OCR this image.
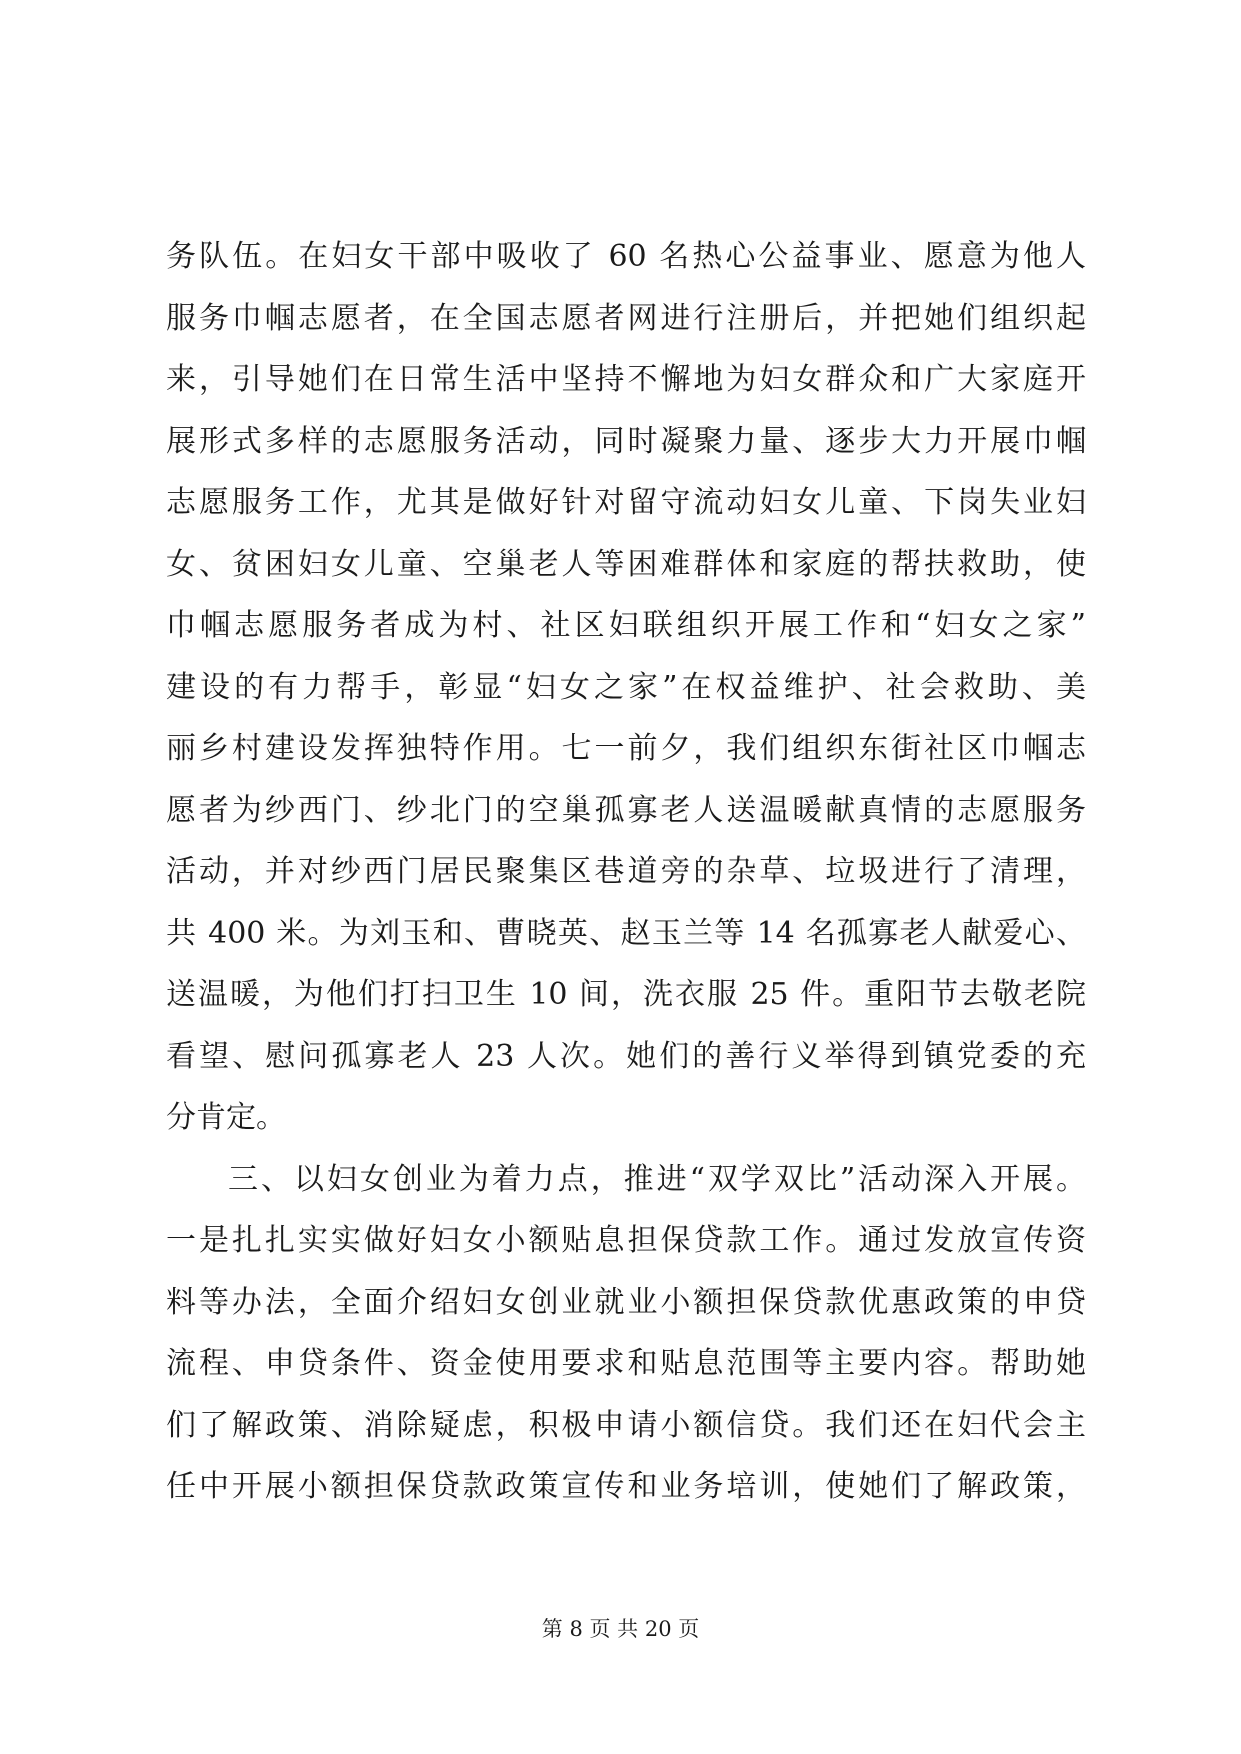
务队伍。在妇女干部中吸收了 60 名热心公益事业、愿意为他人
服务巾帼志愿者，在全国志愿者网进行注册后，并把她们组织起
来，引导她们在日常生活中坚持不懈地为妇女群众和广大家庭开
展形式多样的志愿服务活动，同时凝聚力量、逐步大力开展巾帼
志愿服务工作，尤其是做好针对留守流动妇女儿童、下岗失业妇
女、贫困妇女儿童、空巢老人等困难群体和家庭的帮扶救助，使
巾帼志愿服务者成为村、社区妇联组织开展工作和“妇女之家”
建设的有力帮手，彰显“妇女之家”在权益维护、社会救助、美
丽乡村建设发挥独特作用。七一前夕，我们组织东街社区巾帼志
愿者为纱西门、纱北门的空巢孤寡老人送温暖献真情的志愿服务
活动，并对纱西门居民聚集区巷道旁的杂草、垃圾进行了清理，
共 400 米。为刘玉和、曹晓英、赵玉兰等 14 名孤寡老人献爱心、
送温暖，为他们打扫卫生 10 间，洗衣服 25 件。重阳节去敬老院
看望、慰问孤寡老人 23 人次。她们的善行义举得到镇党委的充
分肯定。
三、以妇女创业为着力点，推进“双学双比”活动深入开展。
一是扎扎实实做好妇女小额贴息担保贷款工作。通过发放宣传资
料等办法，全面介绍妇女创业就业小额担保贷款优惠政策的申贷
流程、申贷条件、资金使用要求和贴息范围等主要内容。帮助她
们了解政策、消除疑虑，积极申请小额信贷。我们还在妇代会主
任中开展小额担保贷款政策宣传和业务培训，使她们了解政策，
第 8 页 共 20 页
